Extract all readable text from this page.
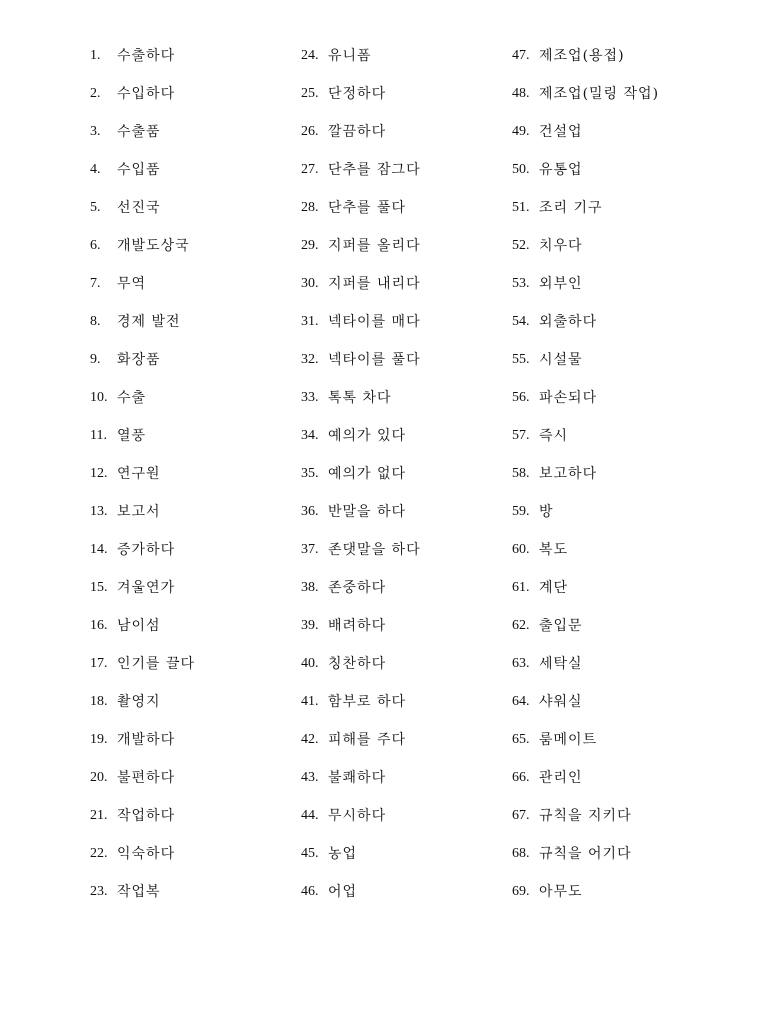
1.	수출하다
2.	수입하다
3.	수출품
4.	수입품
5.	선진국
6.	개발도상국
7.	무역
8.	경제 발전
9.	화장품
10. 수출
11. 열풍
12. 연구원
13. 보고서
14. 증가하다
15. 겨울연가
16. 남이섬
17. 인기를 끌다
18. 촬영지
19. 개발하다
20. 불편하다
21. 작업하다
22. 익숙하다
23. 작업복
24. 유니폼
25. 단정하다
26. 깔끔하다
27. 단추를 잠그다
28. 단추를 풀다
29. 지퍼를 올리다
30. 지퍼를 내리다
31. 넥타이를 매다
32. 넥타이를 풀다
33. 톡톡 차다
34. 예의가 있다
35. 예의가 없다
36. 반말을 하다
37. 존댓말을 하다
38. 존중하다
39. 배려하다
40. 칭찬하다
41. 함부로 하다
42. 피해를 주다
43. 불쾌하다
44. 무시하다
45. 농업
46. 어업
47. 제조업(용접)
48. 제조업(밀링 작업)
49. 건설업
50. 유통업
51. 조리 기구
52. 치우다
53. 외부인
54. 외출하다
55. 시설물
56. 파손되다
57. 즉시
58. 보고하다
59. 방
60. 복도
61. 계단
62. 출입문
63. 세탁실
64. 샤워실
65. 룸메이트
66. 관리인
67. 규칙을 지키다
68. 규칙을 어기다
69. 아무도
